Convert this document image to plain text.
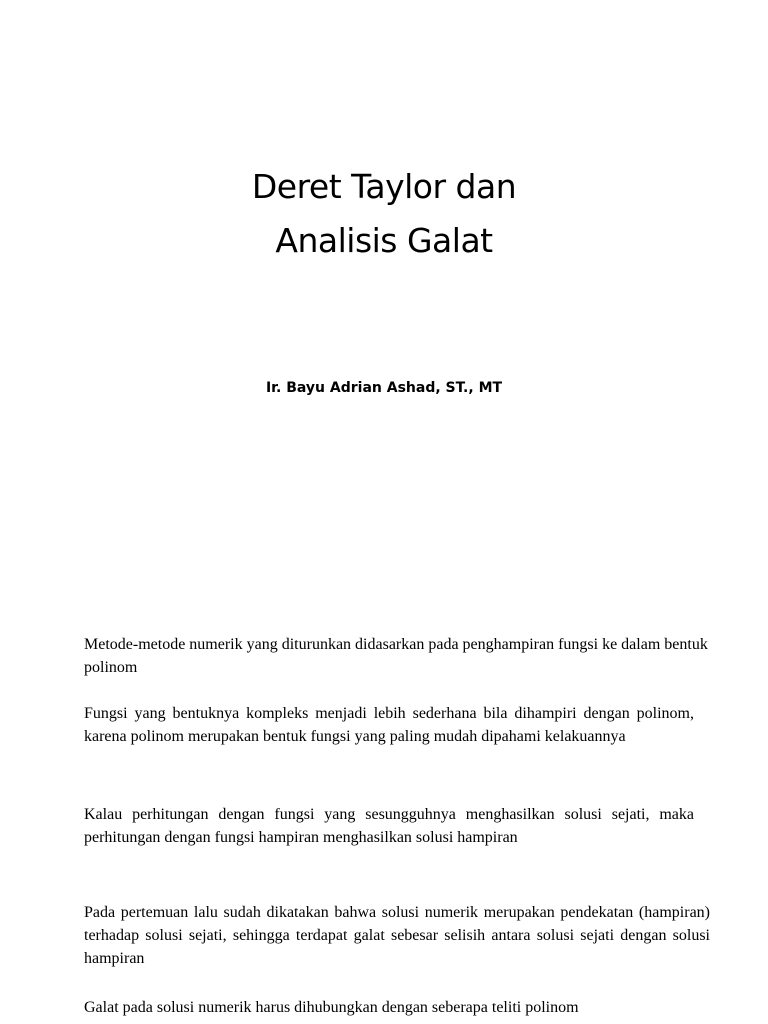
Deret Taylor dan
Analisis Galat
Ir. Bayu Adrian Ashad, ST., MT

Metode-metode numerik yang diturunkan didasarkan pada penghampiran fungsi ke dalam bentuk polinom

Fungsi yang bentuknya kompleks menjadi lebih sederhana bila dihampiri dengan polinom, karena polinom merupakan bentuk fungsi yang paling mudah dipahami kelakuannya

Kalau perhitungan dengan fungsi yang sesungguhnya menghasilkan solusi sejati, maka perhitungan dengan fungsi hampiran menghasilkan solusi hampiran

Pada pertemuan lalu sudah dikatakan bahwa solusi numerik merupakan pendekatan (hampiran) terhadap solusi sejati, sehingga terdapat galat sebesar selisih antara solusi sejati dengan solusi hampiran

Galat pada solusi numerik harus dihubungkan dengan seberapa teliti polinom
